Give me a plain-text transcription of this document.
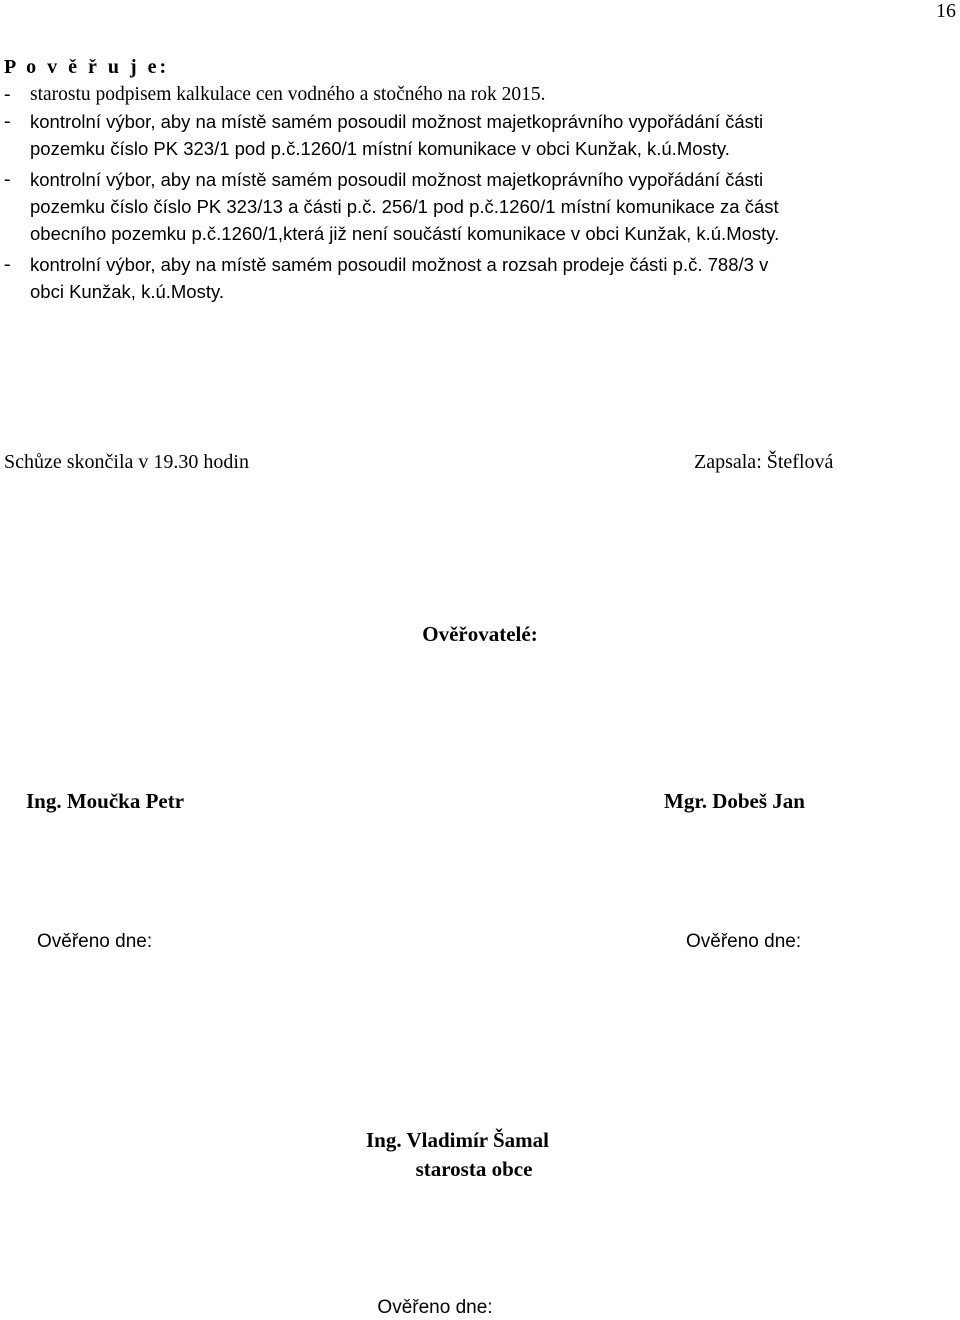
16
P o v ě ř u j e:
- starostu podpisem kalkulace cen vodného a stočného na rok 2015.
- kontrolní výbor, aby na místě samém posoudil možnost majetkoprávního vypořádání části
pozemku číslo PK 323/1 pod p.č.1260/1 místní komunikace v obci Kunžak, k.ú.Mosty.
- kontrolní výbor, aby na místě samém posoudil možnost majetkoprávního vypořádání části
pozemku číslo číslo PK 323/13 a části p.č. 256/1 pod p.č.1260/1 místní komunikace za část
obecního pozemku p.č.1260/1,která již není součástí komunikace v obci Kunžak, k.ú.Mosty.
- kontrolní výbor, aby na místě samém posoudil možnost a rozsah prodeje části p.č. 788/3 v
obci Kunžak, k.ú.Mosty.
Schůze skončila v 19.30 hodin	Zapsala: Šteflová
Ověřovatelé:
Ing. Moučka Petr	Mgr. Dobeš Jan
Ověřeno dne:	Ověřeno dne:
Ing. Vladimír Šamal
starosta obce
Ověřeno dne:
